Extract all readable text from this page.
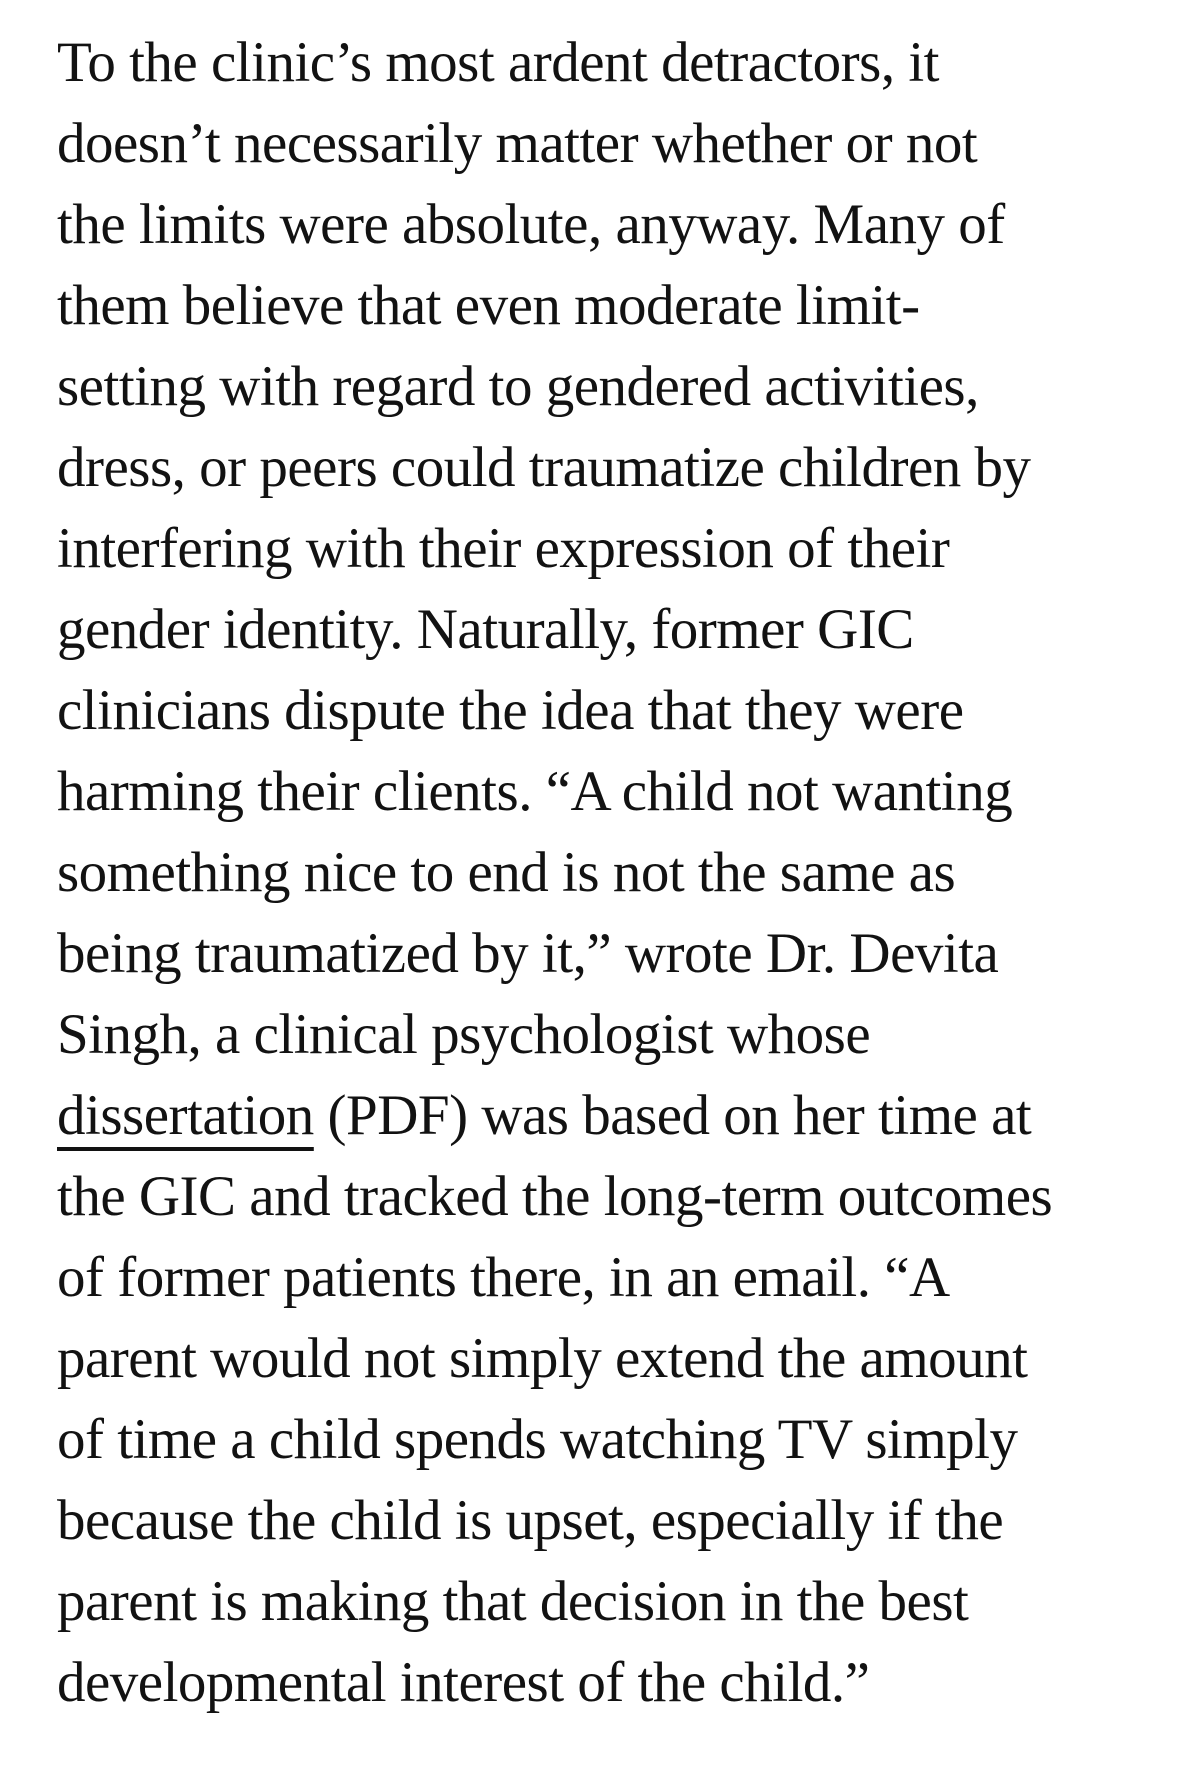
To the clinic’s most ardent detractors, it
doesn’t necessarily matter whether or not
the limits were absolute, anyway. Many of
them believe that even moderate limit-
setting with regard to gendered activities,
dress, or peers could traumatize children by
interfering with their expression of their
gender identity. Naturally, former GIC
clinicians dispute the idea that they were
harming their clients. “A child not wanting
something nice to end is not the same as
being traumatized by it,” wrote Dr. Devita
Singh, a clinical psychologist whose
dissertation (PDF) was based on her time at
the GIC and tracked the long-term outcomes
of former patients there, in an email. “A
parent would not simply extend the amount
of time a child spends watching TV simply
because the child is upset, especially if the
parent is making that decision in the best
developmental interest of the child.”
